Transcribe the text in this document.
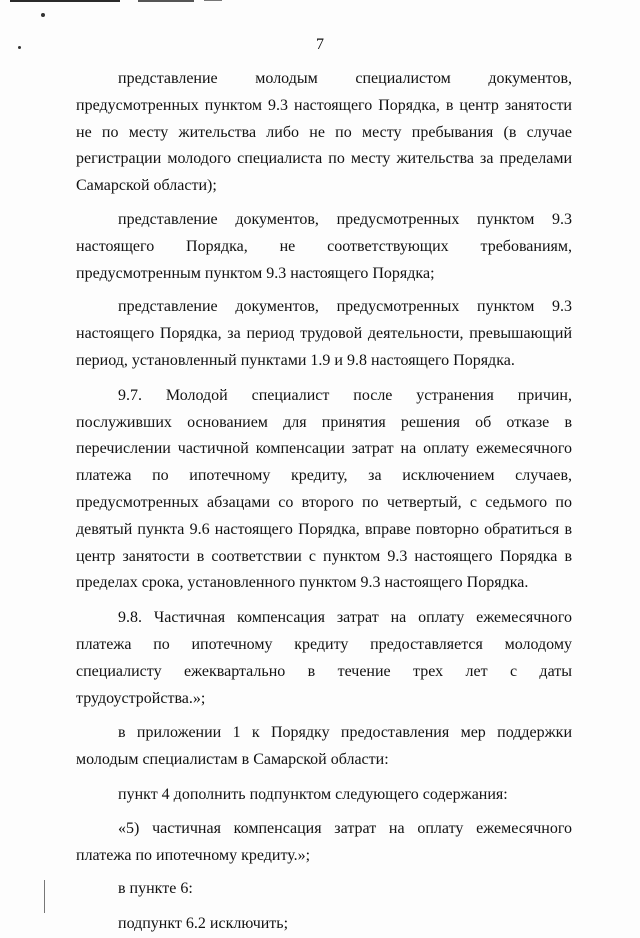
7

представление молодым специалистом документов, предусмотренных пунктом 9.3 настоящего Порядка, в центр занятости не по месту жительства либо не по месту пребывания (в случае регистрации молодого специалиста по месту жительства за пределами Самарской области);

представление документов, предусмотренных пунктом 9.3 настоящего Порядка, не соответствующих требованиям, предусмотренным пунктом 9.3 настоящего Порядка;

представление документов, предусмотренных пунктом 9.3 настоящего Порядка, за период трудовой деятельности, превышающий период, установленный пунктами 1.9 и 9.8 настоящего Порядка.

9.7. Молодой специалист после устранения причин, послуживших основанием для принятия решения об отказе в перечислении частичной компенсации затрат на оплату ежемесячного платежа по ипотечному кредиту, за исключением случаев, предусмотренных абзацами со второго по четвертый, с седьмого по девятый пункта 9.6 настоящего Порядка, вправе повторно обратиться в центр занятости в соответствии с пунктом 9.3 настоящего Порядка в пределах срока, установленного пунктом 9.3 настоящего Порядка.

9.8. Частичная компенсация затрат на оплату ежемесячного платежа по ипотечному кредиту предоставляется молодому специалисту ежеквартально в течение трех лет с даты трудоустройства.»;

в приложении 1 к Порядку предоставления мер поддержки молодым специалистам в Самарской области:

пункт 4 дополнить подпунктом следующего содержания:

«5) частичная компенсация затрат на оплату ежемесячного платежа по ипотечному кредиту.»;

в пункте 6:

подпункт 6.2 исключить;
